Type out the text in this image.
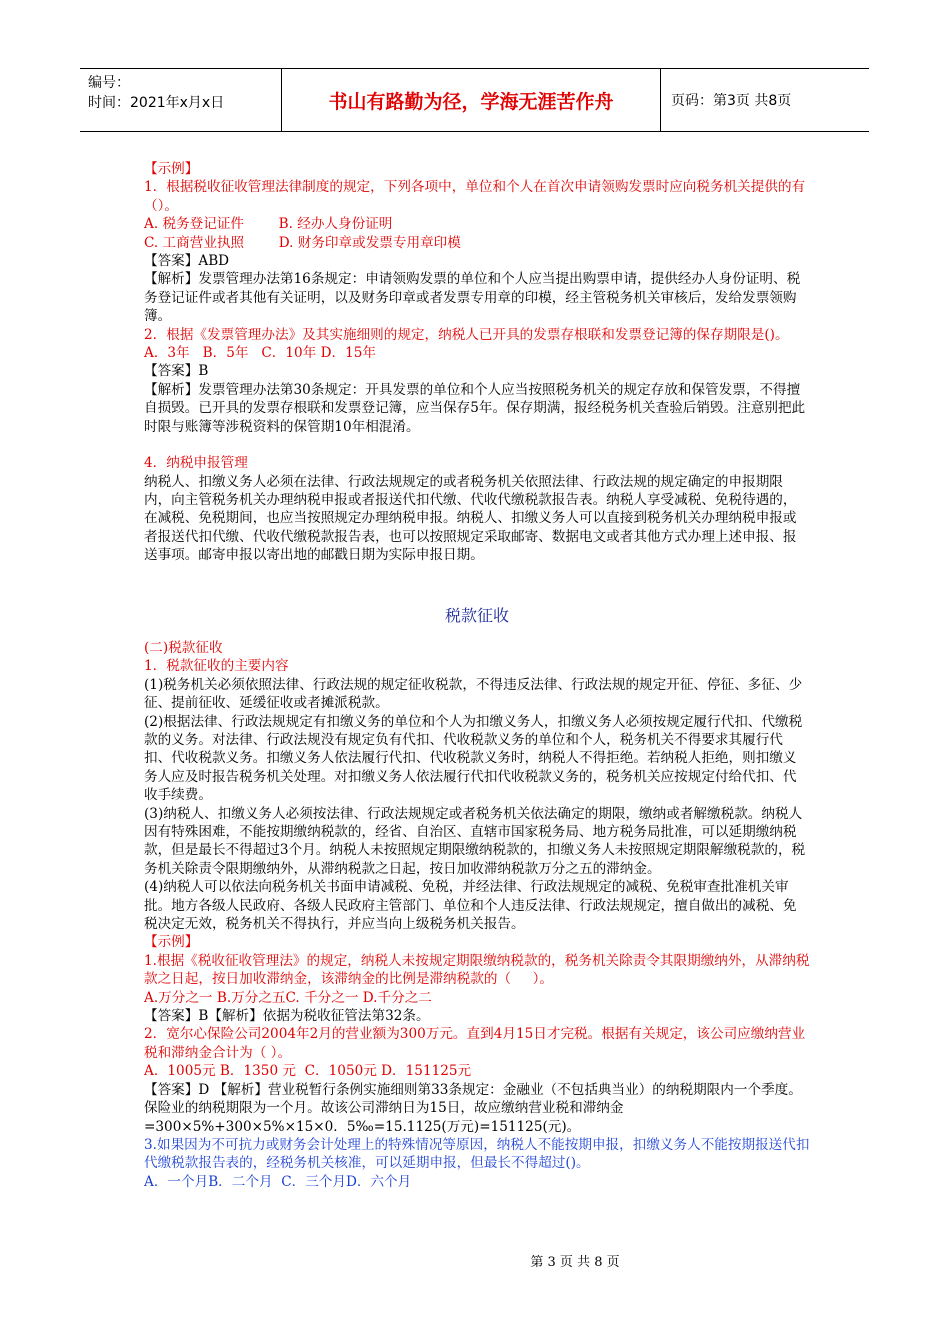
编号：
时间：2021年x月x日	书山有路勤为径，学海无涯苦作舟	页码：第3页 共8页

【示例】

1．根据税收征收管理法律制度的规定，下列各项中，单位和个人在首次申请领购发票时应向税务机关提供的有（）。

A. 税务登记证件        B. 经办人身份证明

C. 工商营业执照        D. 财务印章或发票专用章印模

【答案】ABD

【解析】发票管理办法第16条规定：申请领购发票的单位和个人应当提出购票申请，提供经办人身份证明、税务登记证件或者其他有关证明，以及财务印章或者发票专用章的印模，经主管税务机关审核后，发给发票领购簿。

2．根据《发票管理办法》及其实施细则的规定，纳税人已开具的发票存根联和发票登记簿的保存期限是()。

A．3年   B．5年   C．10年 D．15年

【答案】B

【解析】发票管理办法第30条规定：开具发票的单位和个人应当按照税务机关的规定存放和保管发票，不得擅自损毁。已开具的发票存根联和发票登记簿，应当保存5年。保存期满，报经税务机关查验后销毁。注意别把此时限与账簿等涉税资料的保管期10年相混淆。

4．纳税申报管理

纳税人、扣缴义务人必须在法律、行政法规规定的或者税务机关依照法律、行政法规的规定确定的申报期限内，向主管税务机关办理纳税申报或者报送代扣代缴、代收代缴税款报告表。纳税人享受减税、免税待遇的，在减税、免税期间，也应当按照规定办理纳税申报。纳税人、扣缴义务人可以直接到税务机关办理纳税申报或者报送代扣代缴、代收代缴税款报告表，也可以按照规定采取邮寄、数据电文或者其他方式办理上述申报、报送事项。邮寄申报以寄出地的邮戳日期为实际申报日期。

税款征收

(二)税款征收

1．税款征收的主要内容

(1)税务机关必须依照法律、行政法规的规定征收税款，不得违反法律、行政法规的规定开征、停征、多征、少征、提前征收、延缓征收或者摊派税款。

(2)根据法律、行政法规规定有扣缴义务的单位和个人为扣缴义务人，扣缴义务人必须按规定履行代扣、代缴税款的义务。对法律、行政法规没有规定负有代扣、代收税款义务的单位和个人，税务机关不得要求其履行代扣、代收税款义务。扣缴义务人依法履行代扣、代收税款义务时，纳税人不得拒绝。若纳税人拒绝，则扣缴义务人应及时报告税务机关处理。对扣缴义务人依法履行代扣代收税款义务的，税务机关应按规定付给代扣、代收手续费。

(3)纳税人、扣缴义务人必须按法律、行政法规规定或者税务机关依法确定的期限，缴纳或者解缴税款。纳税人因有特殊困难，不能按期缴纳税款的，经省、自治区、直辖市国家税务局、地方税务局批准，可以延期缴纳税款，但是最长不得超过3个月。纳税人未按照规定期限缴纳税款的，扣缴义务人未按照规定期限解缴税款的，税务机关除责令限期缴纳外，从滞纳税款之日起，按日加收滞纳税款万分之五的滞纳金。

(4)纳税人可以依法向税务机关书面申请减税、免税，并经法律、行政法规规定的减税、免税审查批准机关审批。地方各级人民政府、各级人民政府主管部门、单位和个人违反法律、行政法规规定，擅自做出的减税、免税决定无效，税务机关不得执行，并应当向上级税务机关报告。

【示例】

1.根据《税收征收管理法》的规定，纳税人未按规定期限缴纳税款的，税务机关除责令其限期缴纳外，从滞纳税款之日起，按日加收滞纳金，该滞纳金的比例是滞纳税款的（     ）。

A.万分之一 B.万分之五C. 千分之一 D.千分之二

【答案】B【解析】依据为税收征管法第32条。

2．宽尔心保险公司2004年2月的营业额为300万元。直到4月15日才完税。根据有关规定，该公司应缴纳营业税和滞纳金合计为（ ）。

A．1005元 B．1350 元  C．1050元 D．151125元

【答案】D 【解析】营业税暂行条例实施细则第33条规定：金融业（不包括典当业）的纳税期限内一个季度。保险业的纳税期限为一个月。故该公司滞纳日为15日，故应缴纳营业税和滞纳金=300×5%+300×5%×15×0．5‰=15.1125(万元)=151125(元)。

3.如果因为不可抗力或财务会计处理上的特殊情况等原因，纳税人不能按期申报，扣缴义务人不能按期报送代扣代缴税款报告表的，经税务机关核准，可以延期申报，但最长不得超过()。

A．一个月B．二个月  C．三个月D．六个月

第 3 页 共 8 页
